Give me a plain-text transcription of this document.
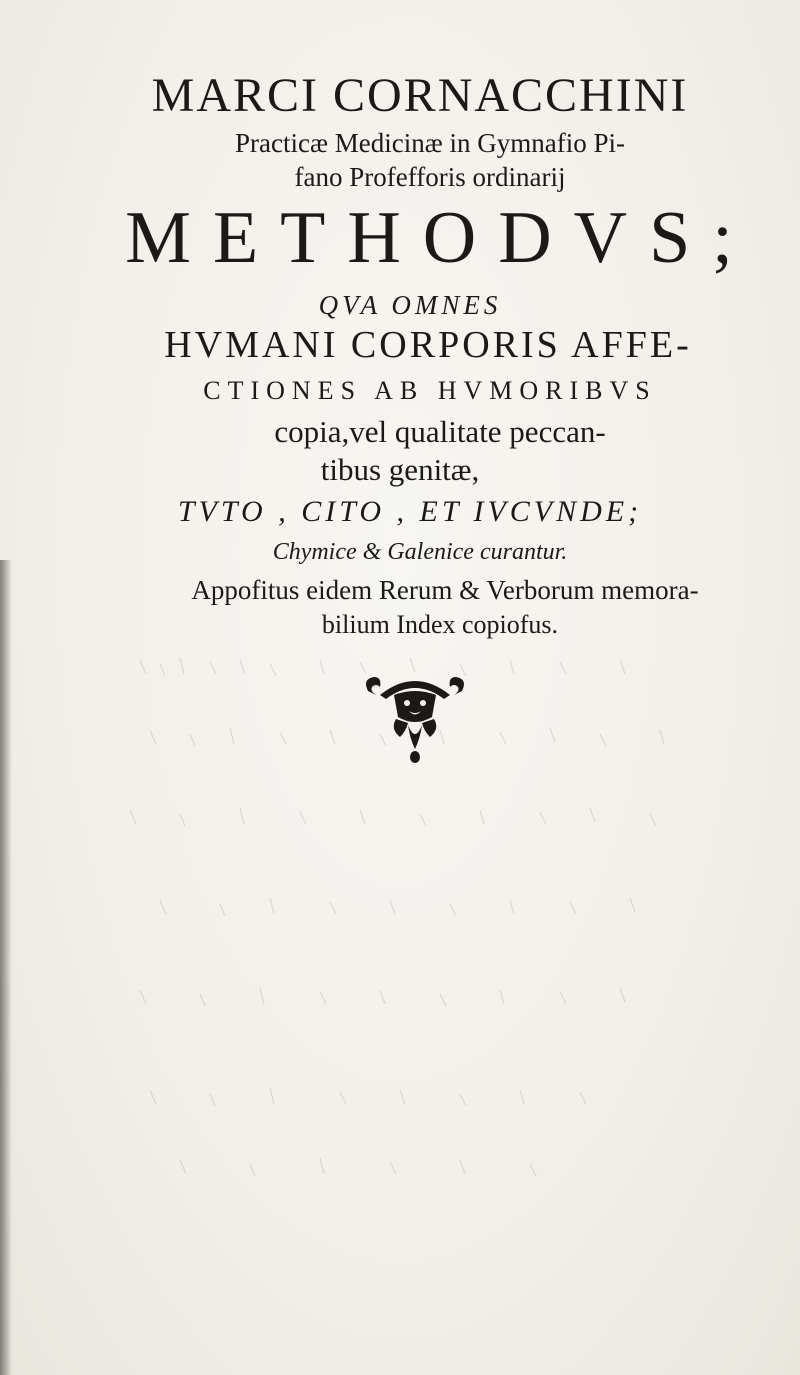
MARCI CORNACCHINI
Practicæ Medicinæ in Gymnafio Pi-
fano Profefforis ordinarij
METHODVS;
QVA OMNES
HVMANI CORPORIS AFFE-
CTIONES AB HVMORIBVS
copia,vel qualitate peccan-
tibus genitæ,
TVTO , CITO , ET IVCVNDE;
Chymice & Galenice curantur.
Appofitus eidem Rerum & Verborum memora-
bilium Index copiofus.
